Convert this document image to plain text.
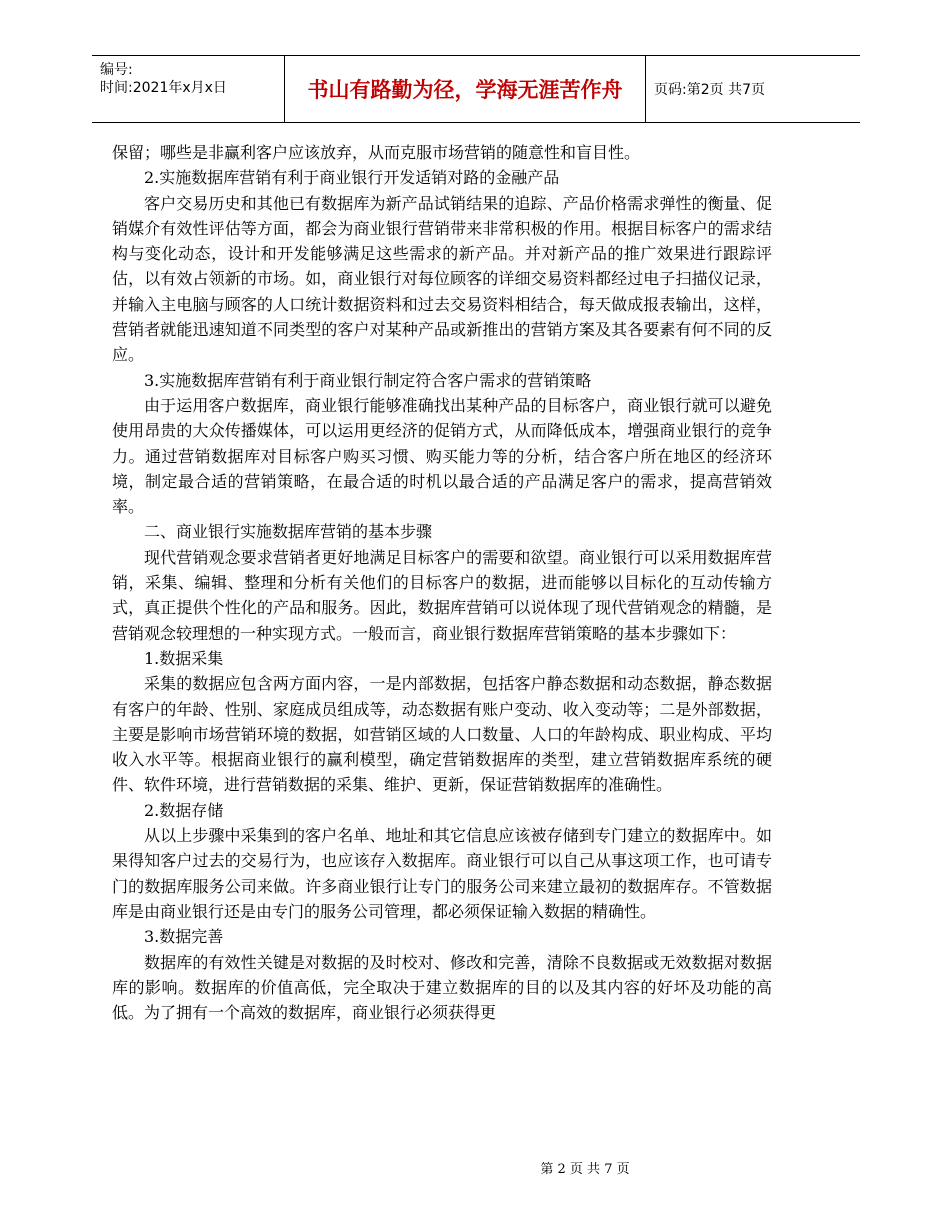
编号:
时间:2021年x月x日	书山有路勤为径，学海无涯苦作舟	页码:第2页 共7页

保留；哪些是非赢利客户应该放弃，从而克服市场营销的随意性和盲目性。

2.实施数据库营销有利于商业银行开发适销对路的金融产品

客户交易历史和其他已有数据库为新产品试销结果的追踪、产品价格需求弹性的衡量、促销媒介有效性评估等方面，都会为商业银行营销带来非常积极的作用。根据目标客户的需求结构与变化动态，设计和开发能够满足这些需求的新产品。并对新产品的推广效果进行跟踪评估，以有效占领新的市场。如，商业银行对每位顾客的详细交易资料都经过电子扫描仪记录，并输入主电脑与顾客的人口统计数据资料和过去交易资料相结合，每天做成报表输出，这样，营销者就能迅速知道不同类型的客户对某种产品或新推出的营销方案及其各要素有何不同的反应。

3.实施数据库营销有利于商业银行制定符合客户需求的营销策略

由于运用客户数据库，商业银行能够准确找出某种产品的目标客户，商业银行就可以避免使用昂贵的大众传播媒体，可以运用更经济的促销方式，从而降低成本，增强商业银行的竞争力。通过营销数据库对目标客户购买习惯、购买能力等的分析，结合客户所在地区的经济环境，制定最合适的营销策略，在最合适的时机以最合适的产品满足客户的需求，提高营销效率。

二、商业银行实施数据库营销的基本步骤

现代营销观念要求营销者更好地满足目标客户的需要和欲望。商业银行可以采用数据库营销，采集、编辑、整理和分析有关他们的目标客户的数据，进而能够以目标化的互动传输方式，真正提供个性化的产品和服务。因此，数据库营销可以说体现了现代营销观念的精髓，是营销观念较理想的一种实现方式。一般而言，商业银行数据库营销策略的基本步骤如下：

1.数据采集

采集的数据应包含两方面内容，一是内部数据，包括客户静态数据和动态数据，静态数据有客户的年龄、性别、家庭成员组成等，动态数据有账户变动、收入变动等；二是外部数据，主要是影响市场营销环境的数据，如营销区域的人口数量、人口的年龄构成、职业构成、平均收入水平等。根据商业银行的赢利模型，确定营销数据库的类型，建立营销数据库系统的硬件、软件环境，进行营销数据的采集、维护、更新，保证营销数据库的准确性。

2.数据存储

从以上步骤中采集到的客户名单、地址和其它信息应该被存储到专门建立的数据库中。如果得知客户过去的交易行为，也应该存入数据库。商业银行可以自己从事这项工作，也可请专门的数据库服务公司来做。许多商业银行让专门的服务公司来建立最初的数据库存。不管数据库是由商业银行还是由专门的服务公司管理，都必须保证输入数据的精确性。

3.数据完善

数据库的有效性关键是对数据的及时校对、修改和完善，清除不良数据或无效数据对数据库的影响。数据库的价值高低，完全取决于建立数据库的目的以及其内容的好坏及功能的高低。为了拥有一个高效的数据库，商业银行必须获得更

第 2 页 共 7 页
